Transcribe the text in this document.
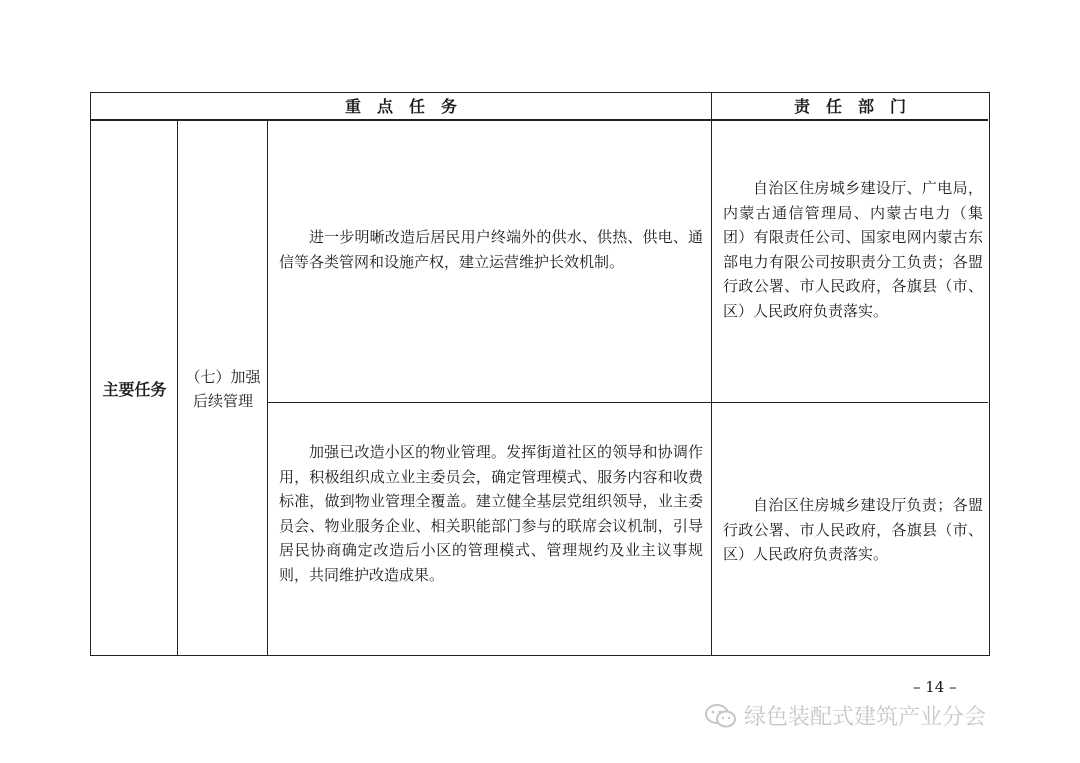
重　点　任　务	责　任　部　门
主要任务
（七）加强
后续管理
进一步明晰改造后居民用户终端外的供水、供热、供电、通信等各类管网和设施产权，建立运营维护长效机制。
自治区住房城乡建设厅、广电局，内蒙古通信管理局、内蒙古电力（集团）有限责任公司、国家电网内蒙古东部电力有限公司按职责分工负责；各盟行政公署、市人民政府，各旗县（市、区）人民政府负责落实。
加强已改造小区的物业管理。发挥街道社区的领导和协调作用，积极组织成立业主委员会，确定管理模式、服务内容和收费标准，做到物业管理全覆盖。建立健全基层党组织领导，业主委员会、物业服务企业、相关职能部门参与的联席会议机制，引导居民协商确定改造后小区的管理模式、管理规约及业主议事规则，共同维护改造成果。
自治区住房城乡建设厅负责；各盟行政公署、市人民政府，各旗县（市、区）人民政府负责落实。
– 14 –
绿色装配式建筑产业分会
